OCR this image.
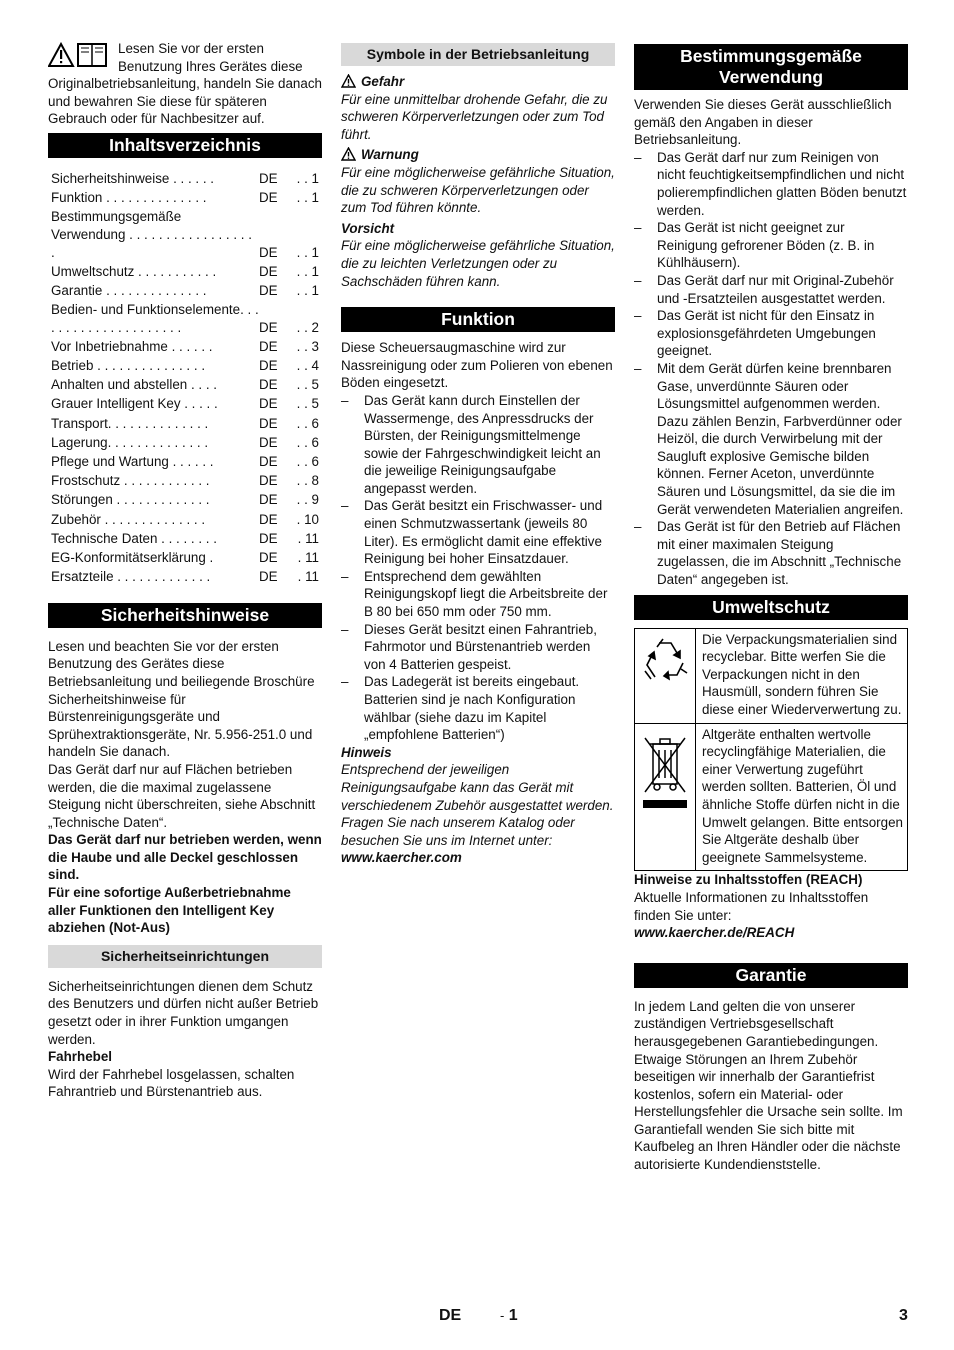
Lesen Sie vor der ersten Benutzung Ihres Gerätes diese Originalbetriebsanleitung, handeln Sie danach und bewahren Sie diese für späteren Gebrauch oder für Nachbesitzer auf.

Inhaltsverzeichnis
Sicherheitshinweise . . . . . .	DE	. . 1
Funktion . . . . . . . . . . . . . .	DE	. . 1
Bestimmungsgemäße Verwendung . . . . . . . . . . . . . . . . . .	DE	. . 1
Umweltschutz . . . . . . . . . . .	DE	. . 1
Garantie . . . . . . . . . . . . . .	DE	. . 1
Bedien- und Funktionselemente. . . . . . . . . . . . . . . . . . . . .	DE	. . 2
Vor Inbetriebnahme . . . . . .	DE	. . 3
Betrieb . . . . . . . . . . . . . . .	DE	. . 4
Anhalten und abstellen . . . .	DE	. . 5
Grauer Intelligent Key . . . . .	DE	. . 5
Transport. . . . . . . . . . . . . .	DE	. . 6
Lagerung. . . . . . . . . . . . . .	DE	. . 6
Pflege und Wartung . . . . . .	DE	. . 6
Frostschutz . . . . . . . . . . . .	DE	. . 8
Störungen . . . . . . . . . . . . .	DE	. . 9
Zubehör . . . . . . . . . . . . . .	DE	. 10
Technische Daten . . . . . . . .	DE	. 11
EG-Konformitätserklärung .	DE	. 11
Ersatzteile . . . . . . . . . . . . .	DE	. 11
Sicherheitshinweise

Lesen und beachten Sie vor der ersten Benutzung des Gerätes diese Betriebsanleitung und beiliegende Broschüre Sicherheitshinweise für Bürstenreinigungsgeräte und Sprühextraktionsgeräte, Nr. 5.956-251.0 und handeln Sie danach.

Das Gerät darf nur auf Flächen betrieben werden, die die maximal zugelassene Steigung nicht überschreiten, siehe Abschnitt „Technische Daten“.

Das Gerät darf nur betrieben werden, wenn die Haube und alle Deckel geschlossen sind.

Für eine sofortige Außerbetriebnahme aller Funktionen den Intelligent Key abziehen (Not-Aus)

Sicherheitseinrichtungen

Sicherheitseinrichtungen dienen dem Schutz des Benutzers und dürfen nicht außer Betrieb gesetzt oder in ihrer Funktion umgangen werden.

Fahrhebel

Wird der Fahrhebel losgelassen, schalten Fahrantrieb und Bürstenantrieb aus.

Symbole in der Betriebsanleitung

Gefahr

Für eine unmittelbar drohende Gefahr, die zu schweren Körperverletzungen oder zum Tod führt.

Warnung

Für eine möglicherweise gefährliche Situation, die zu schweren Körperverletzungen oder zum Tod führen könnte.

Vorsicht

Für eine möglicherweise gefährliche Situation, die zu leichten Verletzungen oder zu Sachschäden führen kann.

Funktion

Diese Scheuersaugmaschine wird zur Nassreinigung oder zum Polieren von ebenen Böden eingesetzt.

– Das Gerät kann durch Einstellen der Wassermenge, des Anpressdrucks der Bürsten, der Reinigungsmittelmenge sowie der Fahrgeschwindigkeit leicht an die jeweilige Reinigungsaufgabe angepasst werden.
– Das Gerät besitzt ein Frischwasser- und einen Schmutzwassertank (jeweils 80 Liter). Es ermöglicht damit eine effektive Reinigung bei hoher Einsatzdauer.
– Entsprechend dem gewählten Reinigungskopf liegt die Arbeitsbreite der B 80 bei 650 mm oder 750 mm.
– Dieses Gerät besitzt einen Fahrantrieb, Fahrmotor und Bürstenantrieb werden von 4 Batterien gespeist.
– Das Ladegerät ist bereits eingebaut. Batterien sind je nach Konfiguration wählbar (siehe dazu im Kapitel „empfohlene Batterien“)

Hinweis

Entsprechend der jeweiligen Reinigungsaufgabe kann das Gerät mit verschiedenem Zubehör ausgestattet werden. Fragen Sie nach unserem Katalog oder besuchen Sie uns im Internet unter:

www.kaercher.com

Bestimmungsgemäße Verwendung

Verwenden Sie dieses Gerät ausschließlich gemäß den Angaben in dieser Betriebsanleitung.

– Das Gerät darf nur zum Reinigen von nicht feuchtigkeitsempfindlichen und nicht polierempfindlichen glatten Böden benutzt werden.
– Das Gerät ist nicht geeignet zur Reinigung gefrorener Böden (z. B. in Kühlhäusern).
– Das Gerät darf nur mit Original-Zubehör und -Ersatzteilen ausgestattet werden.
– Das Gerät ist nicht für den Einsatz in explosionsgefährdeten Umgebungen geeignet.
– Mit dem Gerät dürfen keine brennbaren Gase, unverdünnte Säuren oder Lösungsmittel aufgenommen werden.
Dazu zählen Benzin, Farbverdünner oder Heizöl, die durch Verwirbelung mit der Saugluft explosive Gemische bilden können. Ferner Aceton, unverdünnte Säuren und Lösungsmittel, da sie die im Gerät verwendeten Materialien angreifen.
– Das Gerät ist für den Betrieb auf Flächen mit einer maximalen Steigung zugelassen, die im Abschnitt „Technische Daten“ angegeben ist.
Umweltschutz
	Die Verpackungsmaterialien sind recyclebar. Bitte werfen Sie die Verpackungen nicht in den Hausmüll, sondern führen Sie diese einer Wiederverwertung zu.
	Altgeräte enthalten wertvolle recyclingfähige Materialien, die einer Verwertung zugeführt werden sollten. Batterien, Öl und ähnliche Stoffe dürfen nicht in die Umwelt gelangen. Bitte entsorgen Sie Altgeräte deshalb über geeignete Sammelsysteme.

Hinweise zu Inhaltsstoffen (REACH)

Aktuelle Informationen zu Inhaltsstoffen finden Sie unter:

www.kaercher.de/REACH

Garantie

In jedem Land gelten die von unserer zuständigen Vertriebsgesellschaft herausgegebenen Garantiebedingungen. Etwaige Störungen an Ihrem Zubehör beseitigen wir innerhalb der Garantiefrist kostenlos, sofern ein Material- oder Herstellungsfehler die Ursache sein sollte. Im Garantiefall wenden Sie sich bitte mit Kaufbeleg an Ihren Händler oder die nächste autorisierte Kundendienststelle.

DE	- 1	3
